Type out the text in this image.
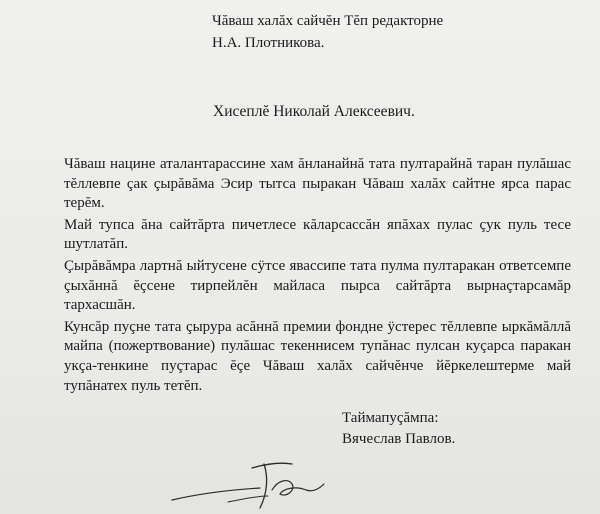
Чăваш халăх сайчĕн Тĕп редакторне
Н.А. Плотникова.
Хисеплĕ Николай Алексеевич.

Чăваш нацине аталантарассине хам ăнланайнă тата пултарайнă таран пулăшас тĕллевпе çак çырăвăма Эсир тытса пыракан Чăваш халăх сайтне ярса парас терĕм.

Май тупса ăна сайтăрта пичетлесе кăларсассăн япăхах пулас çук пуль тесе шутлатăп.

Çырăвăмра лартнă ыйтусене сÿтсе явассипе тата пулма пултаракан ответсемпе çыхăннă ĕçсене тирпейлĕн майласа пырса сайтăрта вырнаçтарсамăр тархасшăн.

Кунсăр пуçне тата çырура асăннă премии фондне ÿстерес тĕллевпе ыркăмăллă майпа (пожертвование) пулăшас текеннисем тупăнас пулсан куçарса паракан укçа-тенкине пуçтарас ĕçе Чăваш халăх сайчĕнче йĕркелештерме май тупăнатех пуль тетĕп.

Таймапуçăмпа:
Вячеслав Павлов.
